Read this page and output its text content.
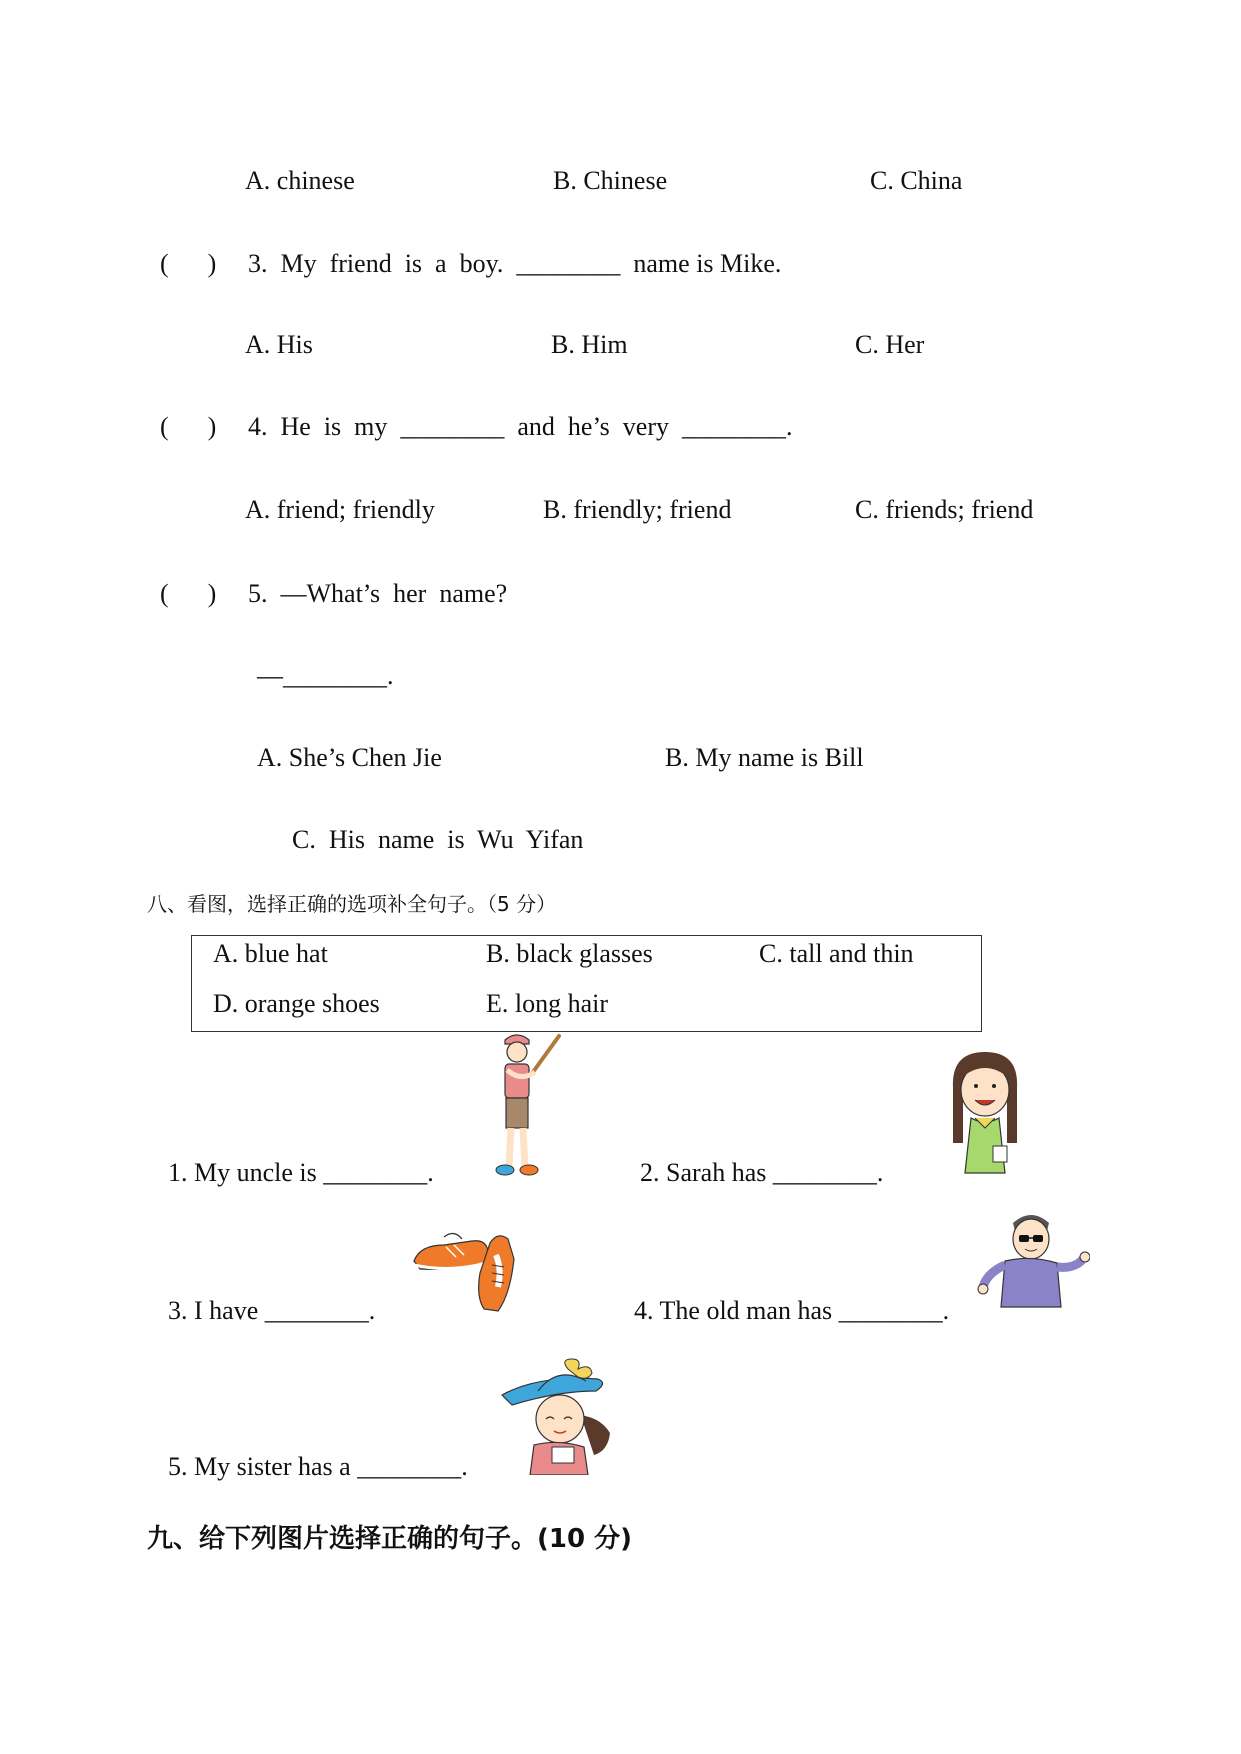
A. chinese	B. Chinese	C. China
(      ) 3.  My  friend  is  a  boy.  ________  name is Mike.
A. His	B. Him	C. Her
(      ) 4.  He  is  my  ________  and  he’s  very  ________.
A. friend; friendly	B. friendly; friend	C. friends; friend
(      ) 5.  —What’s  her  name?
—________.
A. She’s Chen Jie	B. My name is Bill
C.  His  name  is  Wu  Yifan
八、看图，选择正确的选项补全句子。（5 分）
A. blue hat	B. black glasses	C. tall and thin
D. orange shoes	E. long hair
1. My uncle is ________.	2. Sarah has ________.
3. I have ________.	4. The old man has ________.
5. My sister has a ________.
九、给下列图片选择正确的句子。(10 分)
